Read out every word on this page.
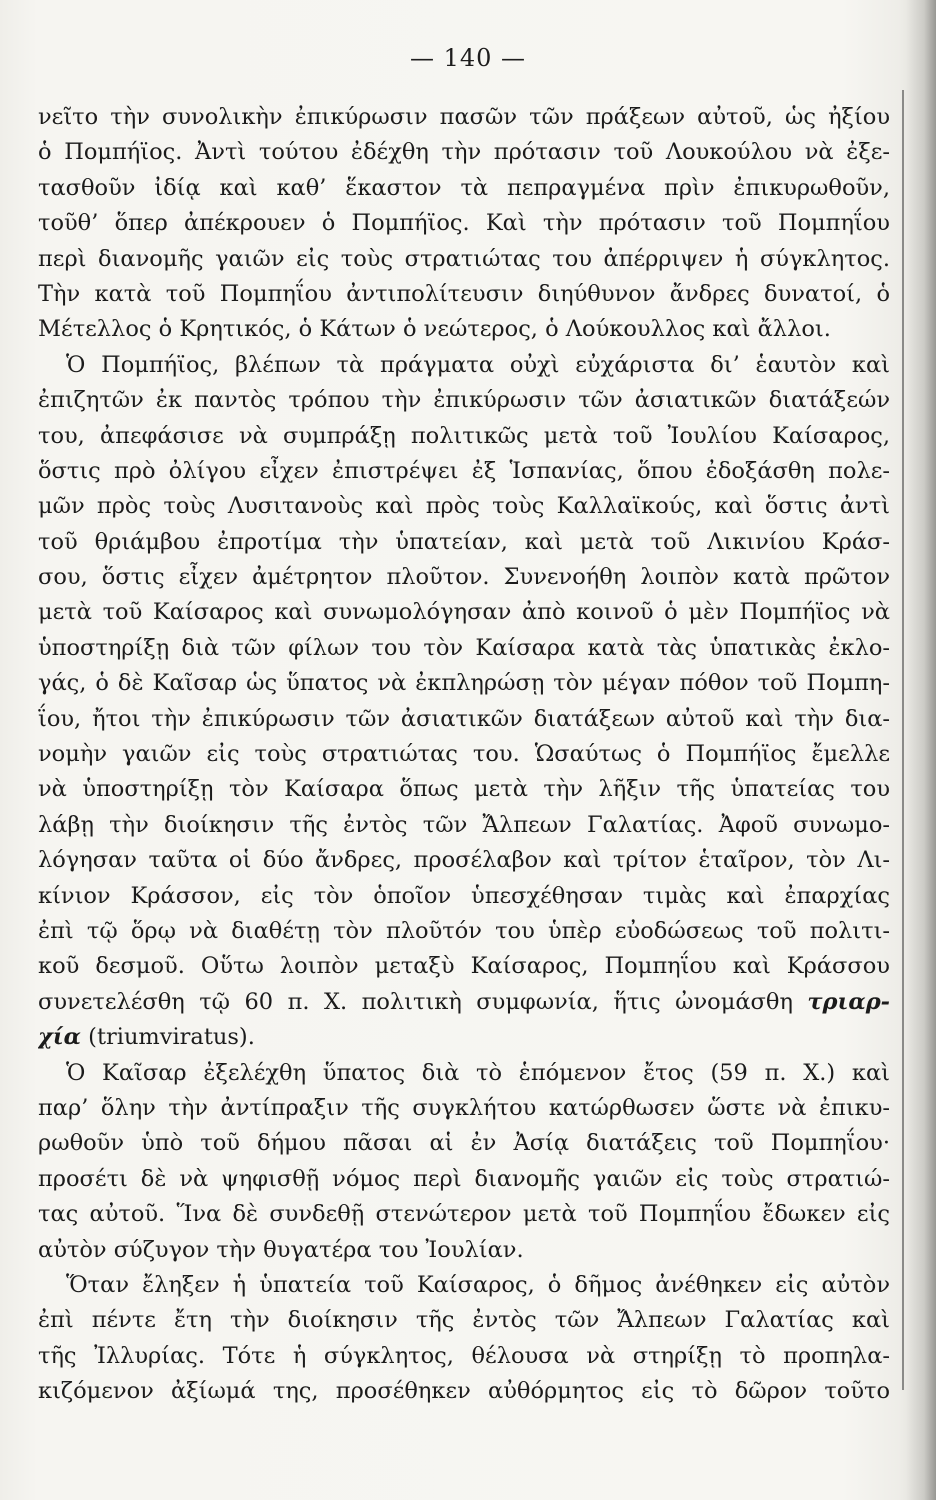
— 140 —
νεῖτο τὴν συνολικὴν ἐπικύρωσιν πασῶν τῶν πράξεων αὐτοῦ, ὡς ἠξίου
ὁ Πομπήϊος. Ἀντὶ τούτου ἐδέχθη τὴν πρότασιν τοῦ Λουκούλου νὰ ἐξε-
τασθοῦν ἰδίᾳ καὶ καθ’ ἕκαστον τὰ πεπραγμένα πρὶν ἐπικυρωθοῦν,
τοῦθ’ ὅπερ ἀπέκρουεν ὁ Πομπήϊος. Καὶ τὴν πρότασιν τοῦ Πομπηΐου
περὶ διανομῆς γαιῶν εἰς τοὺς στρατιώτας του ἀπέρριψεν ἡ σύγκλητος.
Τὴν κατὰ τοῦ Πομπηΐου ἀντιπολίτευσιν διηύθυνον ἄνδρες δυνατοί, ὁ
Μέτελλος ὁ Κρητικός, ὁ Κάτων ὁ νεώτερος, ὁ Λούκουλλος καὶ ἄλλοι.
Ὁ Πομπήϊος, βλέπων τὰ πράγματα οὐχὶ εὐχάριστα δι’ ἑαυτὸν καὶ
ἐπιζητῶν ἐκ παντὸς τρόπου τὴν ἐπικύρωσιν τῶν ἀσιατικῶν διατάξεών
του, ἀπεφάσισε νὰ συμπράξῃ πολιτικῶς μετὰ τοῦ Ἰουλίου Καίσαρος,
ὅστις πρὸ ὀλίγου εἶχεν ἐπιστρέψει ἐξ Ἱσπανίας, ὅπου ἐδοξάσθη πολε-
μῶν πρὸς τοὺς Λυσιτανοὺς καὶ πρὸς τοὺς Καλλαϊκούς, καὶ ὅστις ἀντὶ
τοῦ θριάμβου ἐπροτίμα τὴν ὑπατείαν, καὶ μετὰ τοῦ Λικινίου Κράσ-
σου, ὅστις εἶχεν ἀμέτρητον πλοῦτον. Συνενοήθη λοιπὸν κατὰ πρῶτον
μετὰ τοῦ Καίσαρος καὶ συνωμολόγησαν ἀπὸ κοινοῦ ὁ μὲν Πομπήϊος νὰ
ὑποστηρίξῃ διὰ τῶν φίλων του τὸν Καίσαρα κατὰ τὰς ὑπατικὰς ἐκλο-
γάς, ὁ δὲ Καῖσαρ ὡς ὕπατος νὰ ἐκπληρώσῃ τὸν μέγαν πόθον τοῦ Πομπη-
ΐου, ἤτοι τὴν ἐπικύρωσιν τῶν ἀσιατικῶν διατάξεων αὐτοῦ καὶ τὴν δια-
νομὴν γαιῶν εἰς τοὺς στρατιώτας του. Ὡσαύτως ὁ Πομπήϊος ἔμελλε
νὰ ὑποστηρίξῃ τὸν Καίσαρα ὅπως μετὰ τὴν λῆξιν τῆς ὑπατείας του
λάβῃ τὴν διοίκησιν τῆς ἐντὸς τῶν Ἄλπεων Γαλατίας. Ἀφοῦ συνωμο-
λόγησαν ταῦτα οἱ δύο ἄνδρες, προσέλαβον καὶ τρίτον ἑταῖρον, τὸν Λι-
κίνιον Κράσσον, εἰς τὸν ὁποῖον ὑπεσχέθησαν τιμὰς καὶ ἐπαρχίας
ἐπὶ τῷ ὅρῳ νὰ διαθέτῃ τὸν πλοῦτόν του ὑπὲρ εὐοδώσεως τοῦ πολιτι-
κοῦ δεσμοῦ. Οὕτω λοιπὸν μεταξὺ Καίσαρος, Πομπηΐου καὶ Κράσσου
συνετελέσθη τῷ 60 π. Χ. πολιτικὴ συμφωνία, ἥτις ὠνομάσθη τριαρ-
χία (triumviratus).
Ὁ Καῖσαρ ἐξελέχθη ὕπατος διὰ τὸ ἑπόμενον ἔτος (59 π. Χ.) καὶ
παρ’ ὅλην τὴν ἀντίπραξιν τῆς συγκλήτου κατώρθωσεν ὥστε νὰ ἐπικυ-
ρωθοῦν ὑπὸ τοῦ δήμου πᾶσαι αἱ ἐν Ἀσίᾳ διατάξεις τοῦ Πομπηΐου·
προσέτι δὲ νὰ ψηφισθῇ νόμος περὶ διανομῆς γαιῶν εἰς τοὺς στρατιώ-
τας αὐτοῦ. Ἵνα δὲ συνδεθῇ στενώτερον μετὰ τοῦ Πομπηΐου ἔδωκεν εἰς
αὐτὸν σύζυγον τὴν θυγατέρα του Ἰουλίαν.
Ὅταν ἔληξεν ἡ ὑπατεία τοῦ Καίσαρος, ὁ δῆμος ἀνέθηκεν εἰς αὐτὸν
ἐπὶ πέντε ἔτη τὴν διοίκησιν τῆς ἐντὸς τῶν Ἄλπεων Γαλατίας καὶ
τῆς Ἰλλυρίας. Τότε ἡ σύγκλητος, θέλουσα νὰ στηρίξῃ τὸ προπηλα-
κιζόμενον ἀξίωμά της, προσέθηκεν αὐθόρμητος εἰς τὸ δῶρον τοῦτο
